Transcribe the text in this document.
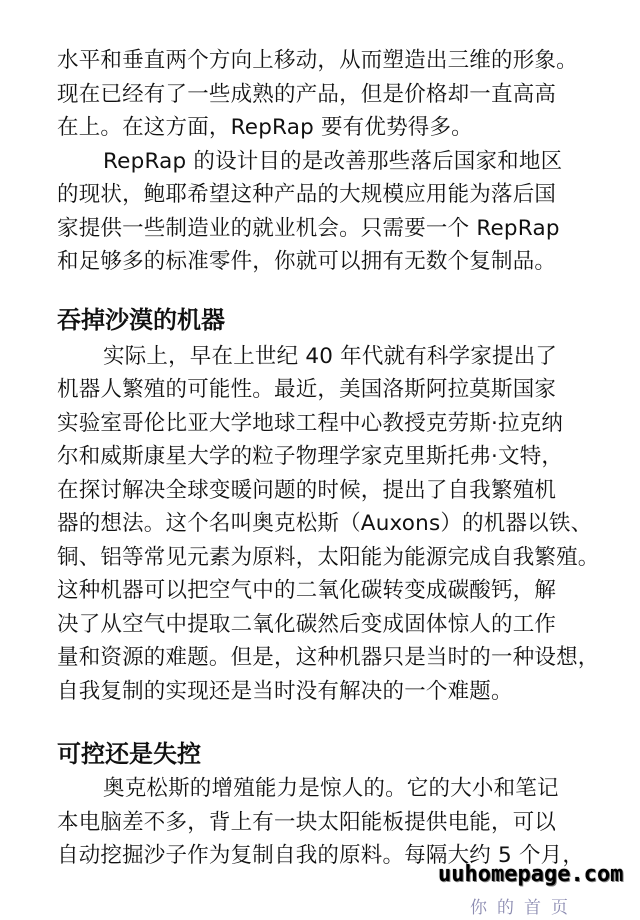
水平和垂直两个方向上移动，从而塑造出三维的形象。
现在已经有了一些成熟的产品，但是价格却一直高高
在上。在这方面，RepRap 要有优势得多。
RepRap 的设计目的是改善那些落后国家和地区
的现状，鲍耶希望这种产品的大规模应用能为落后国
家提供一些制造业的就业机会。只需要一个 RepRap
和足够多的标准零件，你就可以拥有无数个复制品。
吞掉沙漠的机器
实际上，早在上世纪 40 年代就有科学家提出了
机器人繁殖的可能性。最近，美国洛斯阿拉莫斯国家
实验室哥伦比亚大学地球工程中心教授克劳斯·拉克纳
尔和威斯康星大学的粒子物理学家克里斯托弗·文特，
在探讨解决全球变暖问题的时候，提出了自我繁殖机
器的想法。这个名叫奥克松斯（Auxons）的机器以铁、
铜、铝等常见元素为原料，太阳能为能源完成自我繁殖。
这种机器可以把空气中的二氧化碳转变成碳酸钙，解
决了从空气中提取二氧化碳然后变成固体惊人的工作
量和资源的难题。但是，这种机器只是当时的一种设想，
自我复制的实现还是当时没有解决的一个难题。
可控还是失控
奥克松斯的增殖能力是惊人的。它的大小和笔记
本电脑差不多，背上有一块太阳能板提供电能，可以
自动挖掘沙子作为复制自我的原料。每隔大约 5 个月，
uuhomepage.com
你的首页
